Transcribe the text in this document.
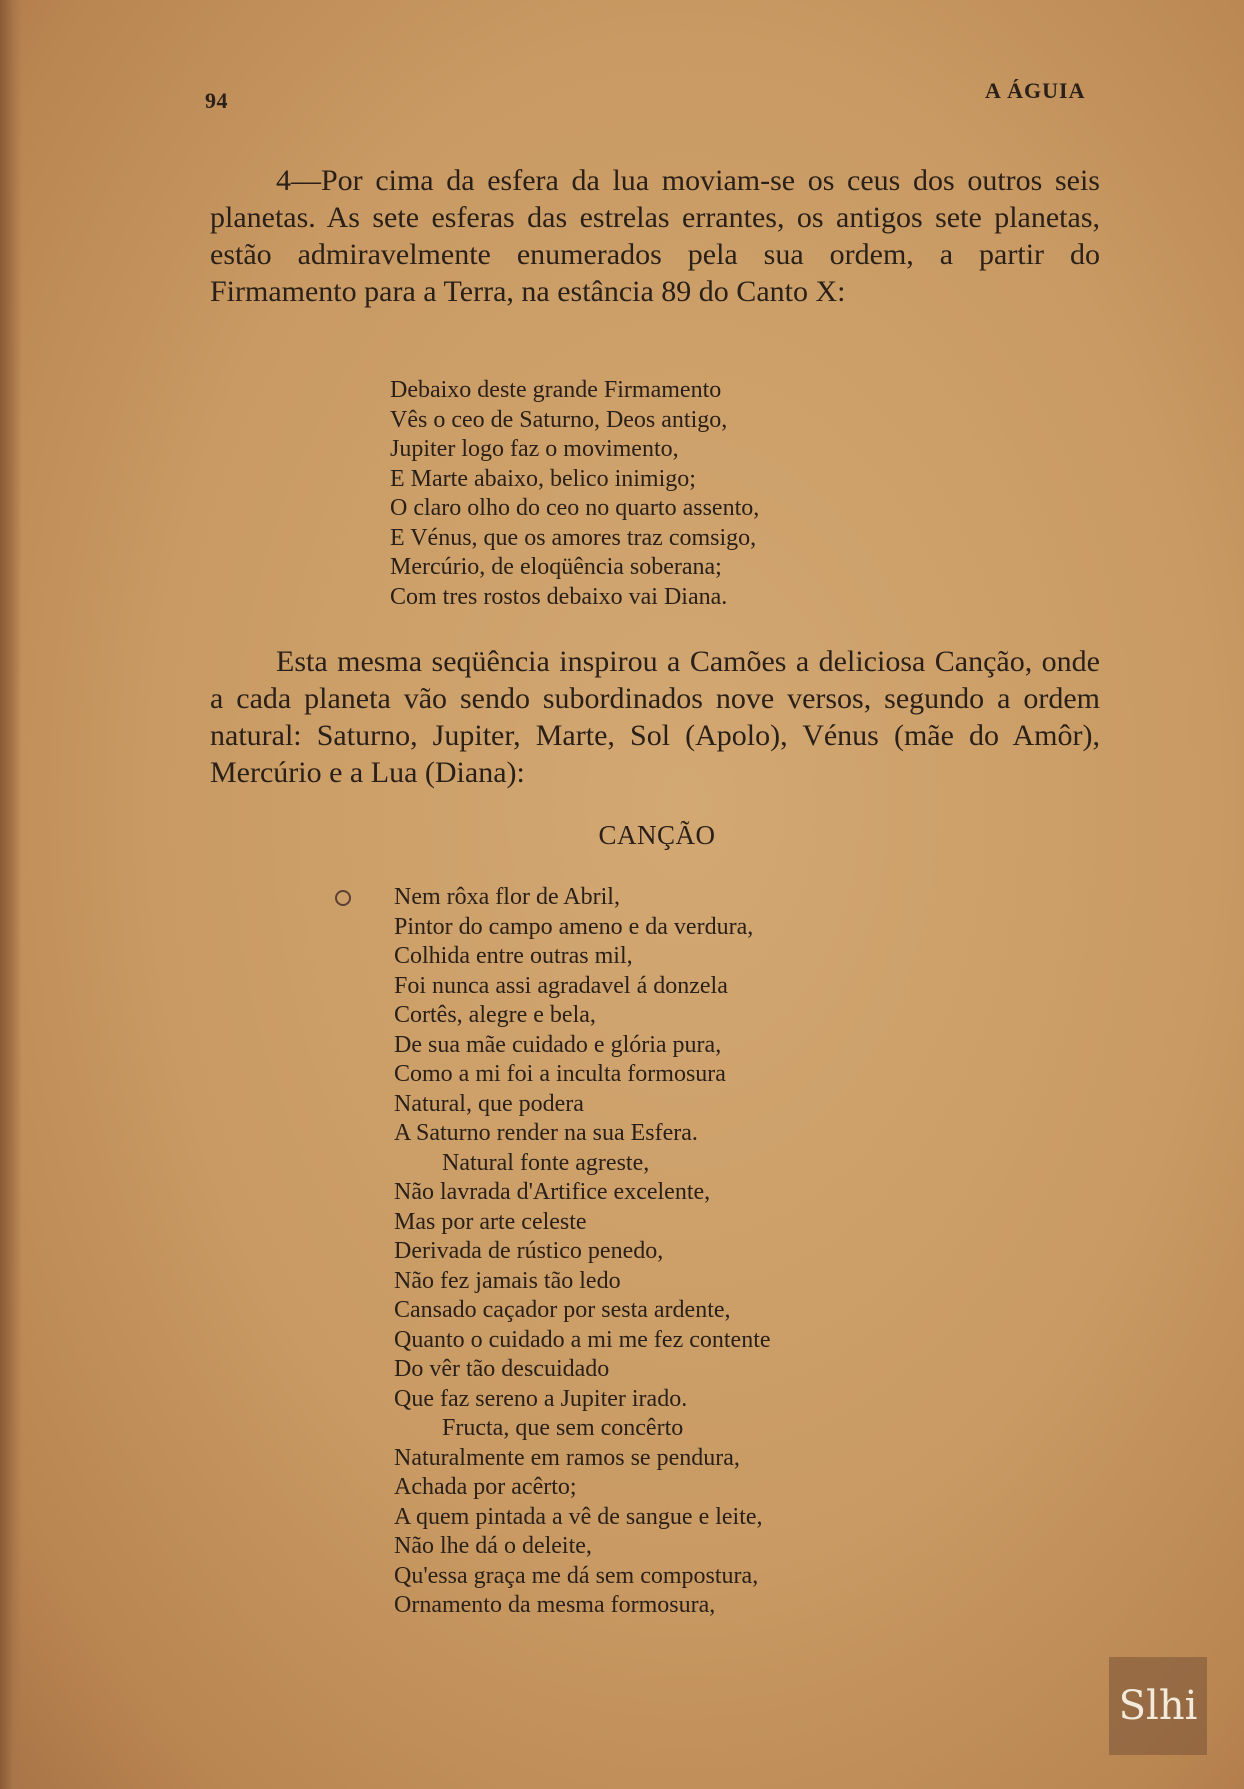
94	A ÁGUIA

4—Por cima da esfera da lua moviam-se os ceus dos outros seis planetas. As sete esferas das estrelas errantes, os antigos sete planetas, estão admiravelmente enumerados pela sua ordem, a partir do Firmamento para a Terra, na estância 89 do Canto X:

Debaixo deste grande Firmamento
Vês o ceo de Saturno, Deos antigo,
Jupiter logo faz o movimento,
E Marte abaixo, belico inimigo;
O claro olho do ceo no quarto assento,
E Vénus, que os amores traz comsigo,
Mercúrio, de eloqüência soberana;
Com tres rostos debaixo vai Diana.

Esta mesma seqüência inspirou a Camões a deliciosa Canção, onde a cada planeta vão sendo subordinados nove versos, segundo a ordem natural: Saturno, Jupiter, Marte, Sol (Apolo), Vénus (mãe do Amôr), Mercúrio e a Lua (Diana):

CANÇÃO
Nem rôxa flor de Abril,
Pintor do campo ameno e da verdura,
Colhida entre outras mil,
Foi nunca assi agradavel á donzela
Cortês, alegre e bela,
De sua mãe cuidado e glória pura,
Como a mi foi a inculta formosura
Natural, que podera
A Saturno render na sua Esfera.
Natural fonte agreste,
Não lavrada d'Artifice excelente,
Mas por arte celeste
Derivada de rústico penedo,
Não fez jamais tão ledo
Cansado caçador por sesta ardente,
Quanto o cuidado a mi me fez contente
Do vêr tão descuidado
Que faz sereno a Jupiter irado.
Fructa, que sem concêrto
Naturalmente em ramos se pendura,
Achada por acêrto;
A quem pintada a vê de sangue e leite,
Não lhe dá o deleite,
Qu'essa graça me dá sem compostura,
Ornamento da mesma formosura,
Slhi
